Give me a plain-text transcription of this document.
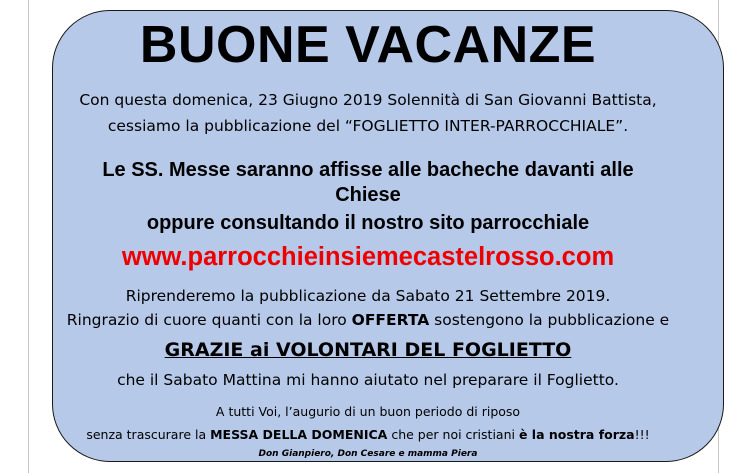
BUONE VACANZE
Con questa domenica, 23 Giugno 2019 Solennità di San Giovanni Battista,
cessiamo la pubblicazione del “FOGLIETTO INTER-PARROCCHIALE”.
Le SS. Messe saranno affisse alle bacheche davanti alle
Chiese
oppure consultando il nostro sito parrocchiale
www.parrocchieinsiemecastelrosso.com
Riprenderemo la pubblicazione da Sabato 21 Settembre 2019.
Ringrazio di cuore quanti con la loro OFFERTA sostengono la pubblicazione e
GRAZIE ai VOLONTARI DEL FOGLIETTO
che il Sabato Mattina mi hanno aiutato nel preparare il Foglietto.
A tutti Voi, l’augurio di un buon periodo di riposo
senza trascurare la MESSA DELLA DOMENICA che per noi cristiani è la nostra forza!!!
Don Gianpiero, Don Cesare e mamma Piera
